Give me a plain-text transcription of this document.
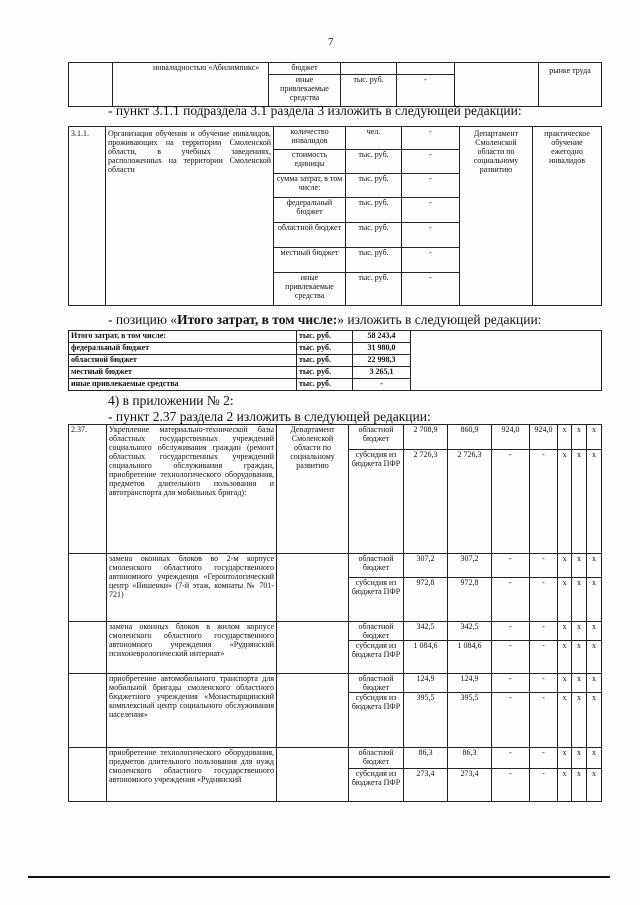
7
	инвалидностью «Абилимпикс»	бюджет				рынке труда
		иные привлекаемые средства	тыс. руб.	-		
- пункт 3.1.1 подраздела 3.1 раздела 3 изложить в следующей редакции:
3.1.1.	Организация обучения и обучение инвалидов, проживающих на территории Смоленской области, в учебных заведениях, расположенных на территории Смоленской области	количество инвалидов	чел.	-	Департамент Смоленской области по социальному развитию	практическое обучение ежегодно инвалидов
		стоимость единицы	тыс. руб.	-		
		сумма затрат, в том числе:	тыс. руб.	-		
		федеральный бюджет	тыс. руб.	-		
		областной бюджет	тыс. руб.	-		
		местный бюджет	тыс. руб.	-		
		иные привлекаемые средства	тыс. руб.	-		
- позицию «Итого затрат, в том числе:» изложить в следующей редакции:
Итого затрат, в том числе:	тыс. руб.	58 243,4	
федеральный бюджет	тыс. руб.	31 980,0	
областной бюджет	тыс. руб.	22 998,3	
местный бюджет	тыс. руб.	3 265,1	
иные привлекаемые средства	тыс. руб.	-	
4) в приложении № 2:
- пункт 2.37 раздела 2 изложить в следующей редакции:
2.37.	Укрепление материально-технической базы областных государственных учреждений социального обслуживания граждан (ремонт областных государственных учреждений социального обслуживания граждан, приобретение технологического оборудования, предметов длительного пользования и автотранспорта для мобильных бригад):	Департамент Смоленской области по социальному развитию	областной бюджет	2 708,9	860,9	924,0	924,0	х	х	х
			субсидия из бюджета ПФР	2 726,3	2 726,3	-	-	х	х	х
	замена оконных блоков во 2-м корпусе смоленского областного государственного автономного учреждения «Геронтологический центр «Вишенки» (7-й этаж, комнаты № 701-721)		областной бюджет	307,2	307,2	-	-	х	х	х
			субсидия из бюджета ПФР	972,8	972,8	-	-	х	х	х
	замена оконных блоков в жилом корпусе смоленского областного государственного автономного учреждения «Руднянский психоневрологический интернат»		областной бюджет	342,5	342,5	-	-	х	х	х
			субсидия из бюджета ПФР	1 084,6	1 084,6	-	-	х	х	х
	приобретение автомобильного транспорта для мобильной бригады смоленского областного бюджетного учреждения «Монастырщинский комплексный центр социального обслуживания населения»		областной бюджет	124,9	124,9	-	-	х	х	х
			субсидия из бюджета ПФР	395,5	395,5	-	-	х	х	х
	приобретение технологического оборудования, предметов длительного пользования для нужд смоленского областного государственного автономного учреждения «Руднянский		областной бюджет	86,3	86,3	-	-	х	х	х
			субсидия из бюджета ПФР	273,4	273,4	-	-	х	х	х
